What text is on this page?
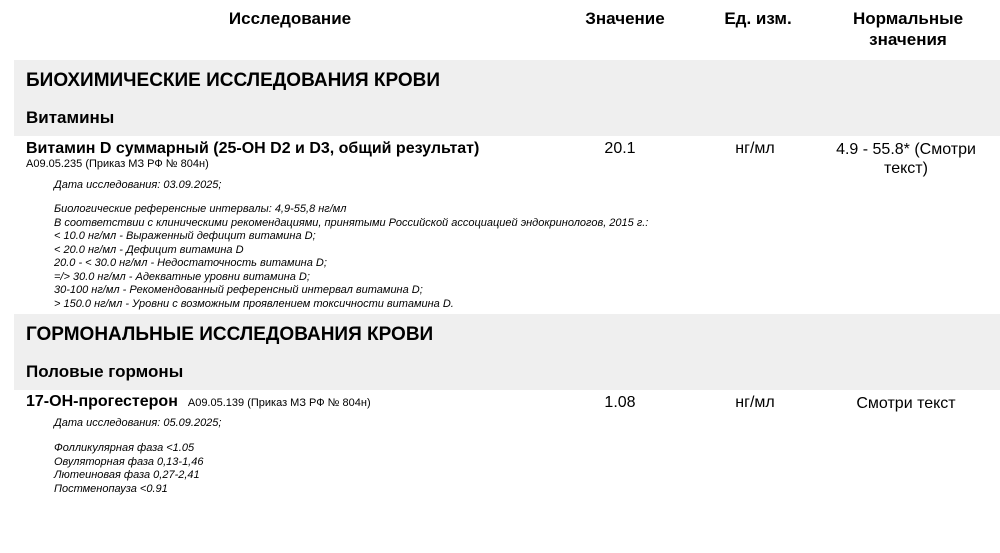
Исследование	Значение	Ед. изм.	Нормальные
значения
БИОХИМИЧЕСКИЕ ИССЛЕДОВАНИЯ КРОВИ
Витамины
Витамин D суммарный (25-OH D2 и D3, общий результат)
A09.05.235 (Приказ МЗ РФ № 804н)
20.1	нг/мл	4.9 - 55.8* (Смотри
текст)
Дата исследования: 03.09.2025;
Биологические референсные интервалы: 4,9-55,8 нг/мл
В соответствии с клиническими рекомендациями, принятыми Российской ассоциацией эндокринологов, 2015 г.:
< 10.0 нг/мл - Выраженный дефицит витамина D;
< 20.0 нг/мл - Дефицит витамина D
20.0 - < 30.0 нг/мл - Недостаточность витамина D;
=/> 30.0 нг/мл - Адекватные уровни витамина D;
30-100 нг/мл - Рекомендованный референсный интервал витамина D;
> 150.0 нг/мл - Уровни с возможным проявлением токсичности витамина D.
ГОРМОНАЛЬНЫЕ ИССЛЕДОВАНИЯ КРОВИ
Половые гормоны
17-ОН-прогестерон A09.05.139 (Приказ МЗ РФ № 804н)	1.08	нг/мл	Смотри текст
Дата исследования: 05.09.2025;
Фолликулярная фаза <1.05
Овуляторная фаза 0,13-1,46
Лютеиновая фаза 0,27-2,41
Постменопауза <0.91
